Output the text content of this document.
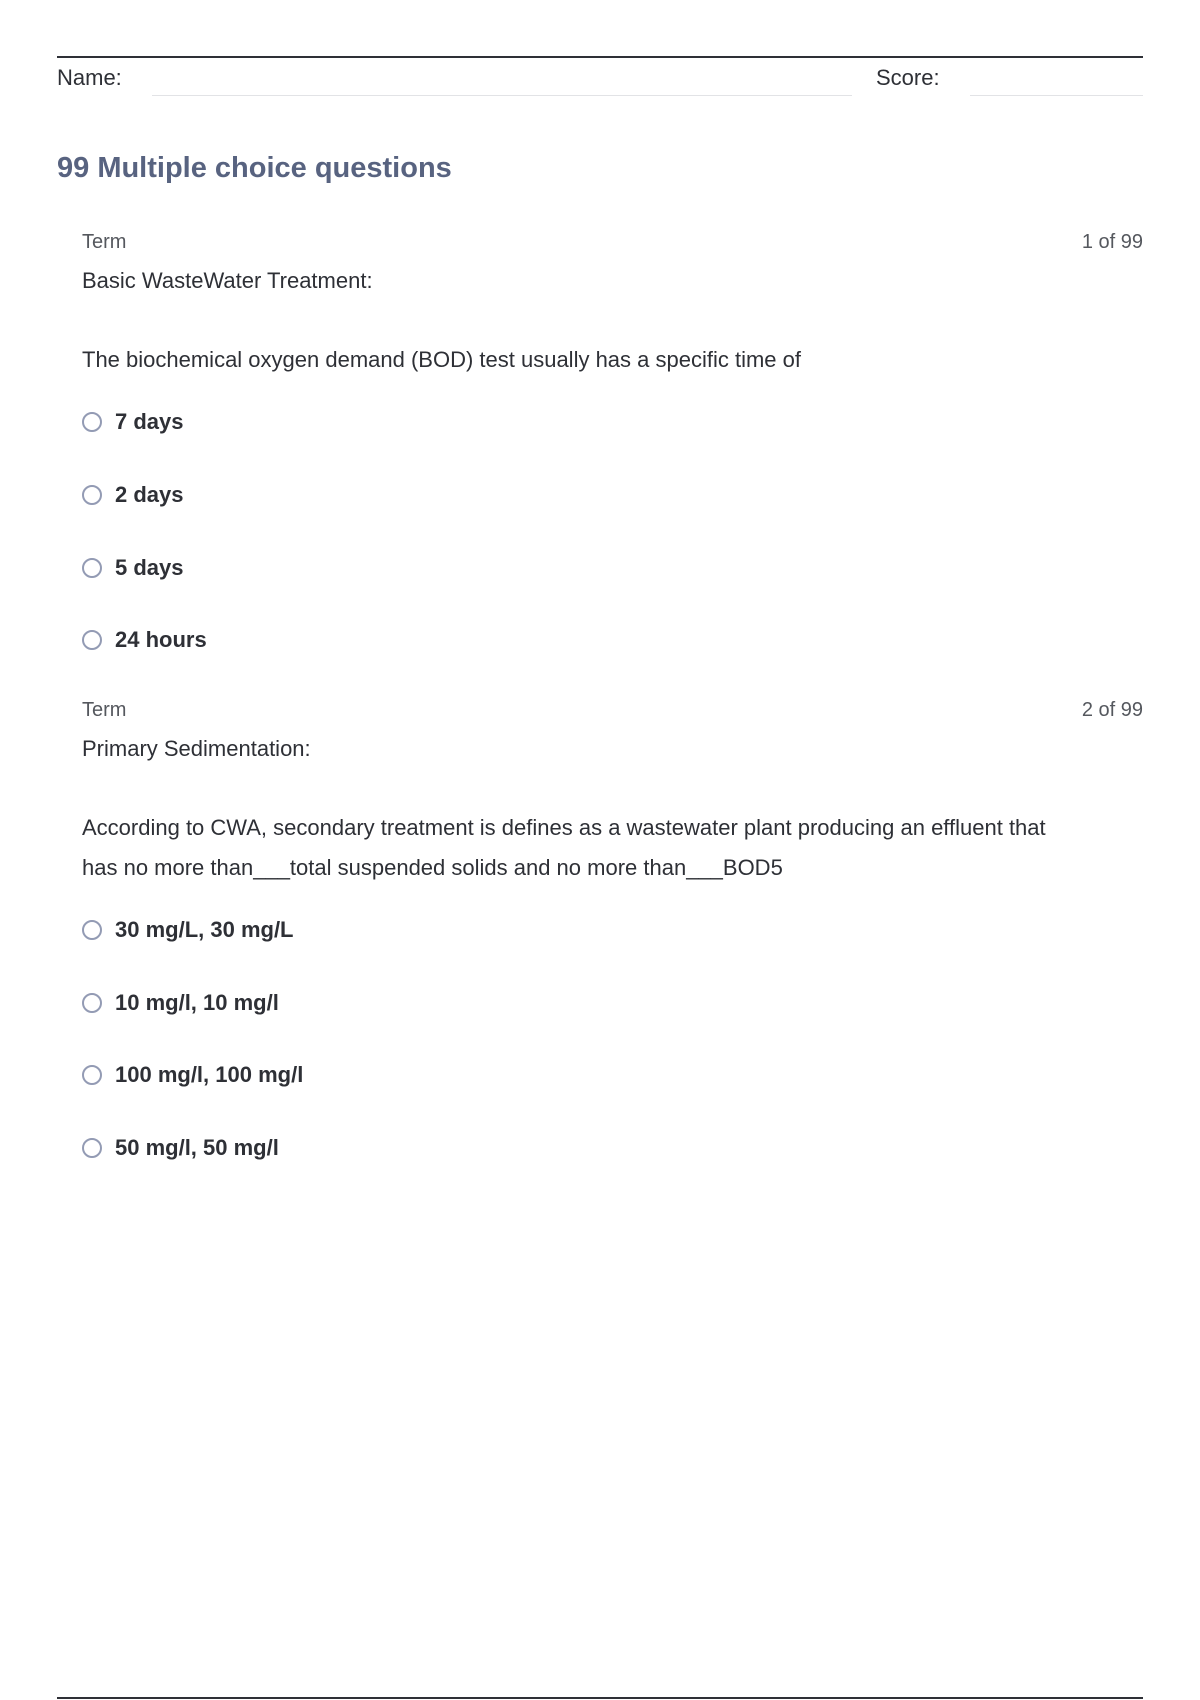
Name:	Score:
99 Multiple choice questions
Term	1 of 99
Basic WasteWater Treatment:
The biochemical oxygen demand (BOD) test usually has a specific time of
7 days
2 days
5 days
24 hours
Term	2 of 99
Primary Sedimentation:
According to CWA, secondary treatment is defines as a wastewater plant producing an effluent that has no more than___total suspended solids and no more than___BOD5
30 mg/L, 30 mg/L
10 mg/l, 10 mg/l
100 mg/l, 100 mg/l
50 mg/l, 50 mg/l
